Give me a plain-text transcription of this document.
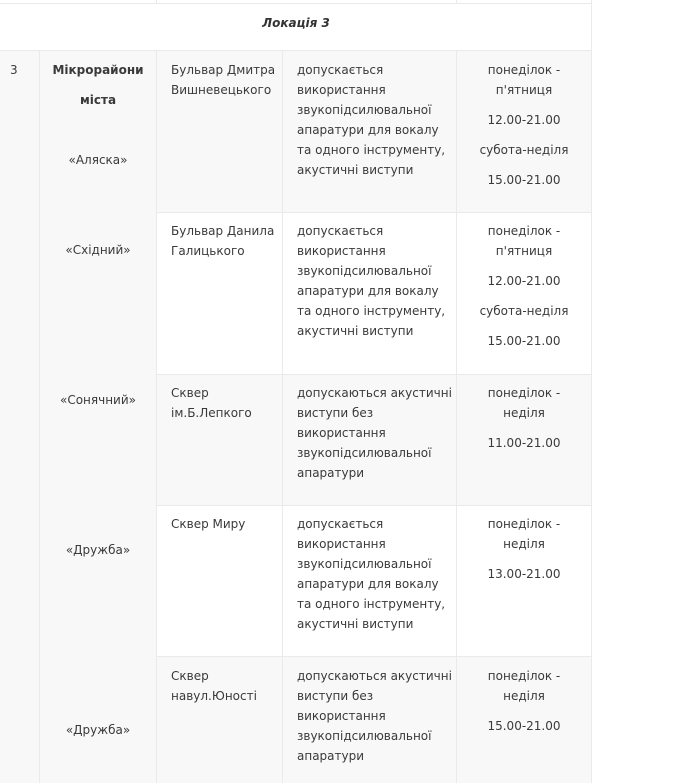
Локація 3
3	Мікрорайони
міста
«Аляска»
«Східний»
«Сонячний»
«Дружба»
«Дружба»
Бульвар Дмитра
Вишневецького
допускається
використання
звукопідсилювальної
апаратури для вокалу
та одного інструменту,
акустичні виступи
понеділок -
п'ятниця
12.00-21.00
субота-неділя
15.00-21.00
Бульвар Данила
Галицького
допускається
використання
звукопідсилювальної
апаратури для вокалу
та одного інструменту,
акустичні виступи
понеділок -
п'ятниця
12.00-21.00
субота-неділя
15.00-21.00
Сквер
ім.Б.Лепкого
допускаються акустичні
виступи без
використання
звукопідсилювальної
апаратури
понеділок -
неділя
11.00-21.00
Сквер Миру	допускається
використання
звукопідсилювальної
апаратури для вокалу
та одного інструменту,
акустичні виступи
понеділок -
неділя
13.00-21.00
Сквер
навул.Юності
допускаються акустичні
виступи без
використання
звукопідсилювальної
апаратури
понеділок -
неділя
15.00-21.00
